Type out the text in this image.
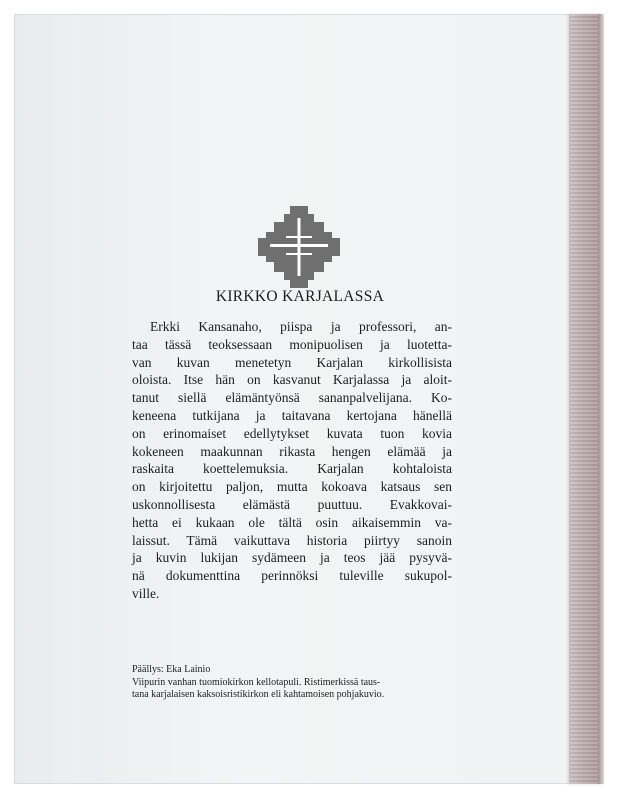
KIRKKO KARJALASSA
Erkki Kansanaho, piispa ja professori, an-
taa tässä teoksessaan monipuolisen ja luotetta-
van kuvan menetetyn Karjalan kirkollisista
oloista. Itse hän on kasvanut Karjalassa ja aloit-
tanut siellä elämäntyönsä sananpalvelijana. Ko-
keneena tutkijana ja taitavana kertojana hänellä
on erinomaiset edellytykset kuvata tuon kovia
kokeneen maakunnan rikasta hengen elämää ja
raskaita koettelemuksia. Karjalan kohtaloista
on kirjoitettu paljon, mutta kokoava katsaus sen
uskonnollisesta elämästä puuttuu. Evakkovai-
hetta ei kukaan ole tältä osin aikaisemmin va-
laissut. Tämä vaikuttava historia piirtyy sanoin
ja kuvin lukijan sydämeen ja teos jää pysyvä-
nä dokumenttina perinnöksi tuleville sukupol-
ville.
Päällys: Eka Lainio
Viipurin vanhan tuomiokirkon kellotapuli. Ristimerkissä taus-
tana karjalaisen kaksoisristikirkon eli kahtamoisen pohjakuvio.
